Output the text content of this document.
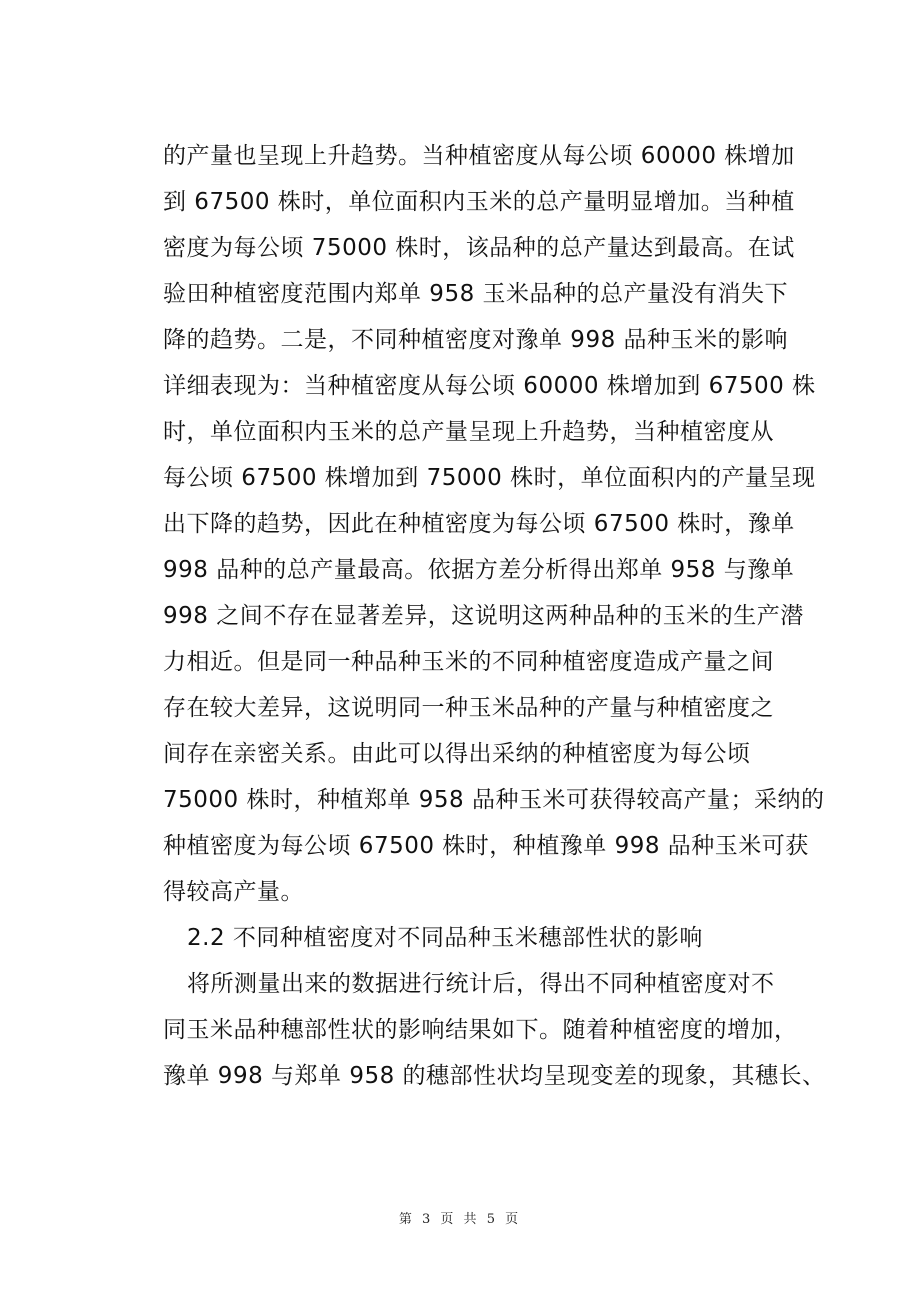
的产量也呈现上升趋势。当种植密度从每公顷 60000 株增加
到 67500 株时，单位面积内玉米的总产量明显增加。当种植
密度为每公顷 75000 株时，该品种的总产量达到最高。在试
验田种植密度范围内郑单 958 玉米品种的总产量没有消失下
降的趋势。二是，不同种植密度对豫单 998 品种玉米的影响
详细表现为：当种植密度从每公顷 60000 株增加到 67500 株
时，单位面积内玉米的总产量呈现上升趋势，当种植密度从
每公顷 67500 株增加到 75000 株时，单位面积内的产量呈现
出下降的趋势，因此在种植密度为每公顷 67500 株时，豫单
998 品种的总产量最高。依据方差分析得出郑单 958 与豫单
998 之间不存在显著差异，这说明这两种品种的玉米的生产潜
力相近。但是同一种品种玉米的不同种植密度造成产量之间
存在较大差异，这说明同一种玉米品种的产量与种植密度之
间存在亲密关系。由此可以得出采纳的种植密度为每公顷
75000 株时，种植郑单 958 品种玉米可获得较高产量；采纳的
种植密度为每公顷 67500 株时，种植豫单 998 品种玉米可获
得较高产量。
2.2 不同种植密度对不同品种玉米穗部性状的影响
将所测量出来的数据进行统计后，得出不同种植密度对不
同玉米品种穗部性状的影响结果如下。随着种植密度的增加，
豫单 998 与郑单 958 的穗部性状均呈现变差的现象，其穗长、
第 3 页 共 5 页
